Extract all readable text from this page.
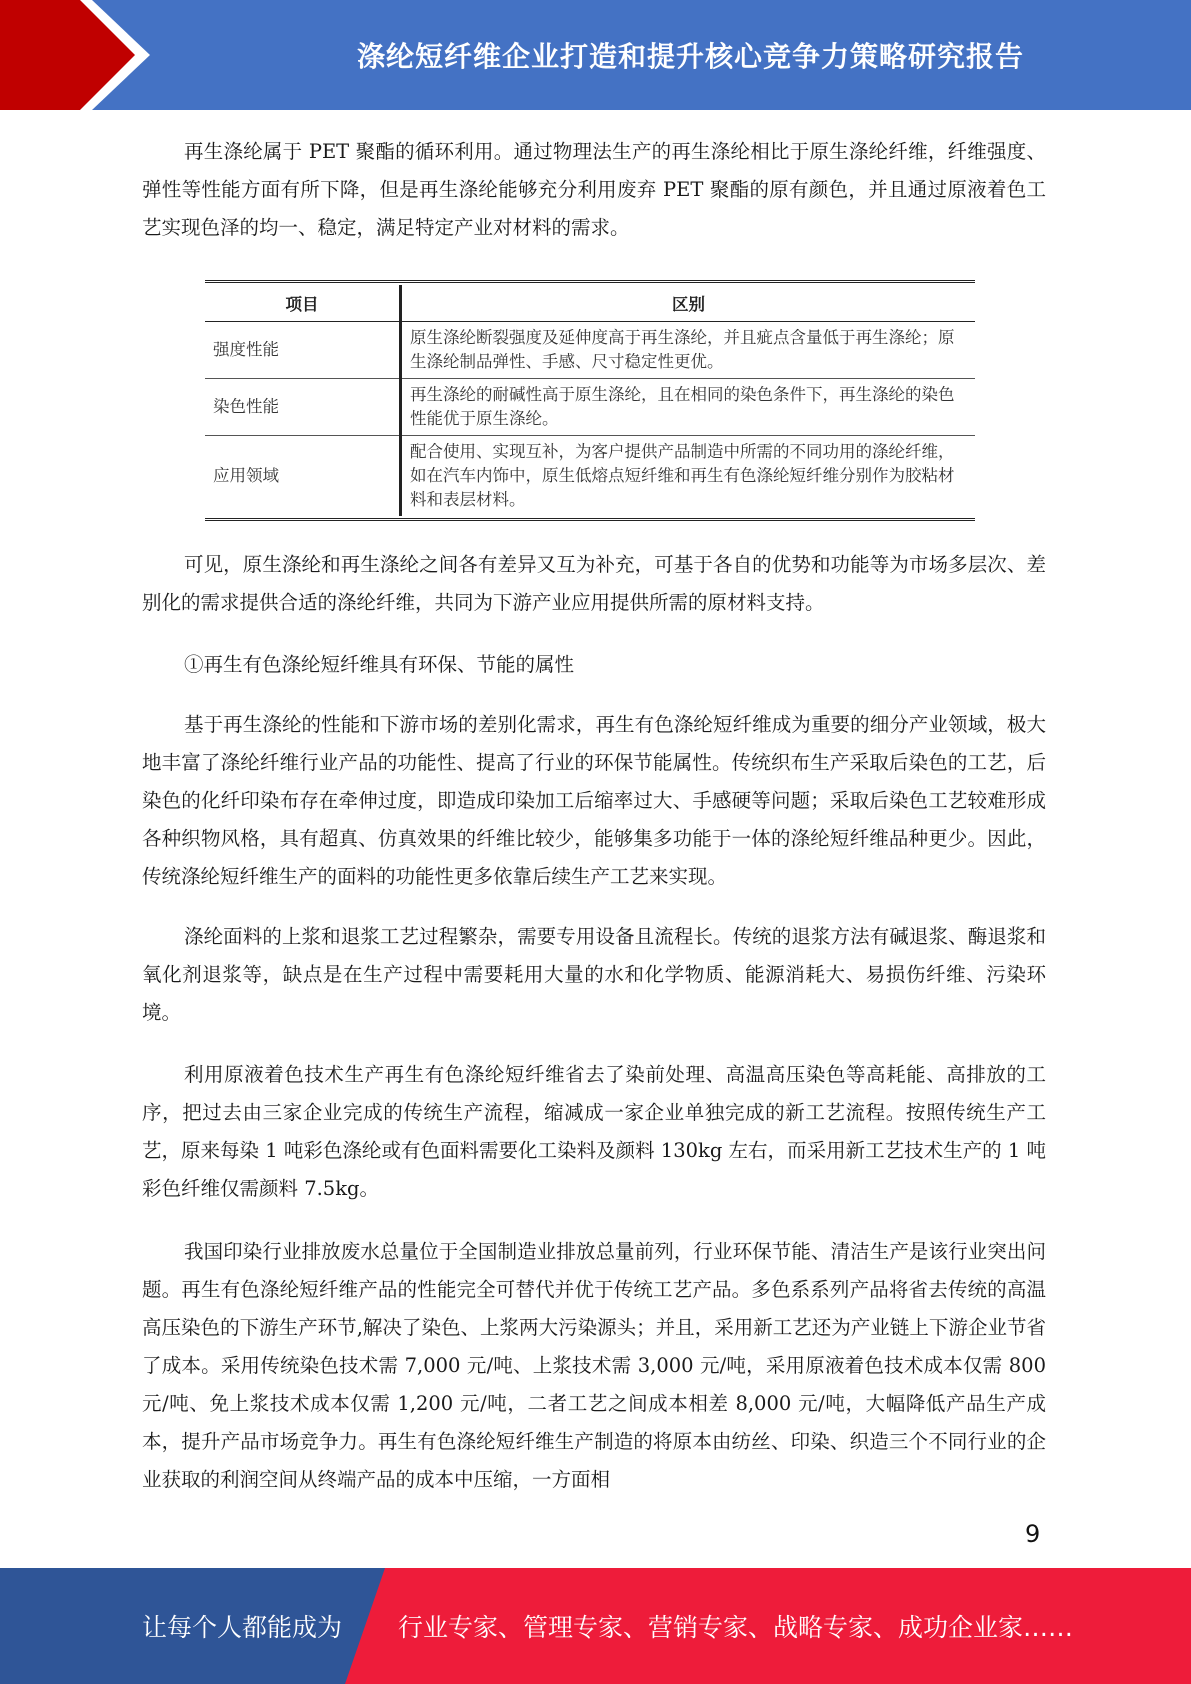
涤纶短纤维企业打造和提升核心竞争力策略研究报告

再生涤纶属于 PET 聚酯的循环利用。通过物理法生产的再生涤纶相比于原生涤纶纤维，纤维强度、弹性等性能方面有所下降，但是再生涤纶能够充分利用废弃 PET 聚酯的原有颜色，并且通过原液着色工艺实现色泽的均一、稳定，满足特定产业对材料的需求。

项目	区别
强度性能	原生涤纶断裂强度及延伸度高于再生涤纶，并且疵点含量低于再生涤纶；原生涤纶制品弹性、手感、尺寸稳定性更优。
染色性能	再生涤纶的耐碱性高于原生涤纶，且在相同的染色条件下，再生涤纶的染色性能优于原生涤纶。
应用领域	配合使用、实现互补，为客户提供产品制造中所需的不同功用的涤纶纤维，如在汽车内饰中，原生低熔点短纤维和再生有色涤纶短纤维分别作为胶粘材料和表层材料。

可见，原生涤纶和再生涤纶之间各有差异又互为补充，可基于各自的优势和功能等为市场多层次、差别化的需求提供合适的涤纶纤维，共同为下游产业应用提供所需的原材料支持。

①再生有色涤纶短纤维具有环保、节能的属性

基于再生涤纶的性能和下游市场的差别化需求，再生有色涤纶短纤维成为重要的细分产业领域，极大地丰富了涤纶纤维行业产品的功能性、提高了行业的环保节能属性。传统织布生产采取后染色的工艺，后染色的化纤印染布存在牵伸过度，即造成印染加工后缩率过大、手感硬等问题；采取后染色工艺较难形成各种织物风格，具有超真、仿真效果的纤维比较少，能够集多功能于一体的涤纶短纤维品种更少。因此，传统涤纶短纤维生产的面料的功能性更多依靠后续生产工艺来实现。

涤纶面料的上浆和退浆工艺过程繁杂，需要专用设备且流程长。传统的退浆方法有碱退浆、酶退浆和氧化剂退浆等，缺点是在生产过程中需要耗用大量的水和化学物质、能源消耗大、易损伤纤维、污染环境。

利用原液着色技术生产再生有色涤纶短纤维省去了染前处理、高温高压染色等高耗能、高排放的工序，把过去由三家企业完成的传统生产流程，缩减成一家企业单独完成的新工艺流程。按照传统生产工艺，原来每染 1 吨彩色涤纶或有色面料需要化工染料及颜料 130kg 左右，而采用新工艺技术生产的 1 吨彩色纤维仅需颜料 7.5kg。

我国印染行业排放废水总量位于全国制造业排放总量前列，行业环保节能、清洁生产是该行业突出问题。再生有色涤纶短纤维产品的性能完全可替代并优于传统工艺产品。多色系系列产品将省去传统的高温高压染色的下游生产环节,解决了染色、上浆两大污染源头；并且，采用新工艺还为产业链上下游企业节省了成本。采用传统染色技术需 7,000 元/吨、上浆技术需 3,000 元/吨，采用原液着色技术成本仅需 800 元/吨、免上浆技术成本仅需 1,200 元/吨，二者工艺之间成本相差 8,000 元/吨，大幅降低产品生产成本，提升产品市场竞争力。再生有色涤纶短纤维生产制造的将原本由纺丝、印染、织造三个不同行业的企业获取的利润空间从终端产品的成本中压缩，一方面相

9
让每个人都能成为 行业专家、管理专家、营销专家、战略专家、成功企业家……
